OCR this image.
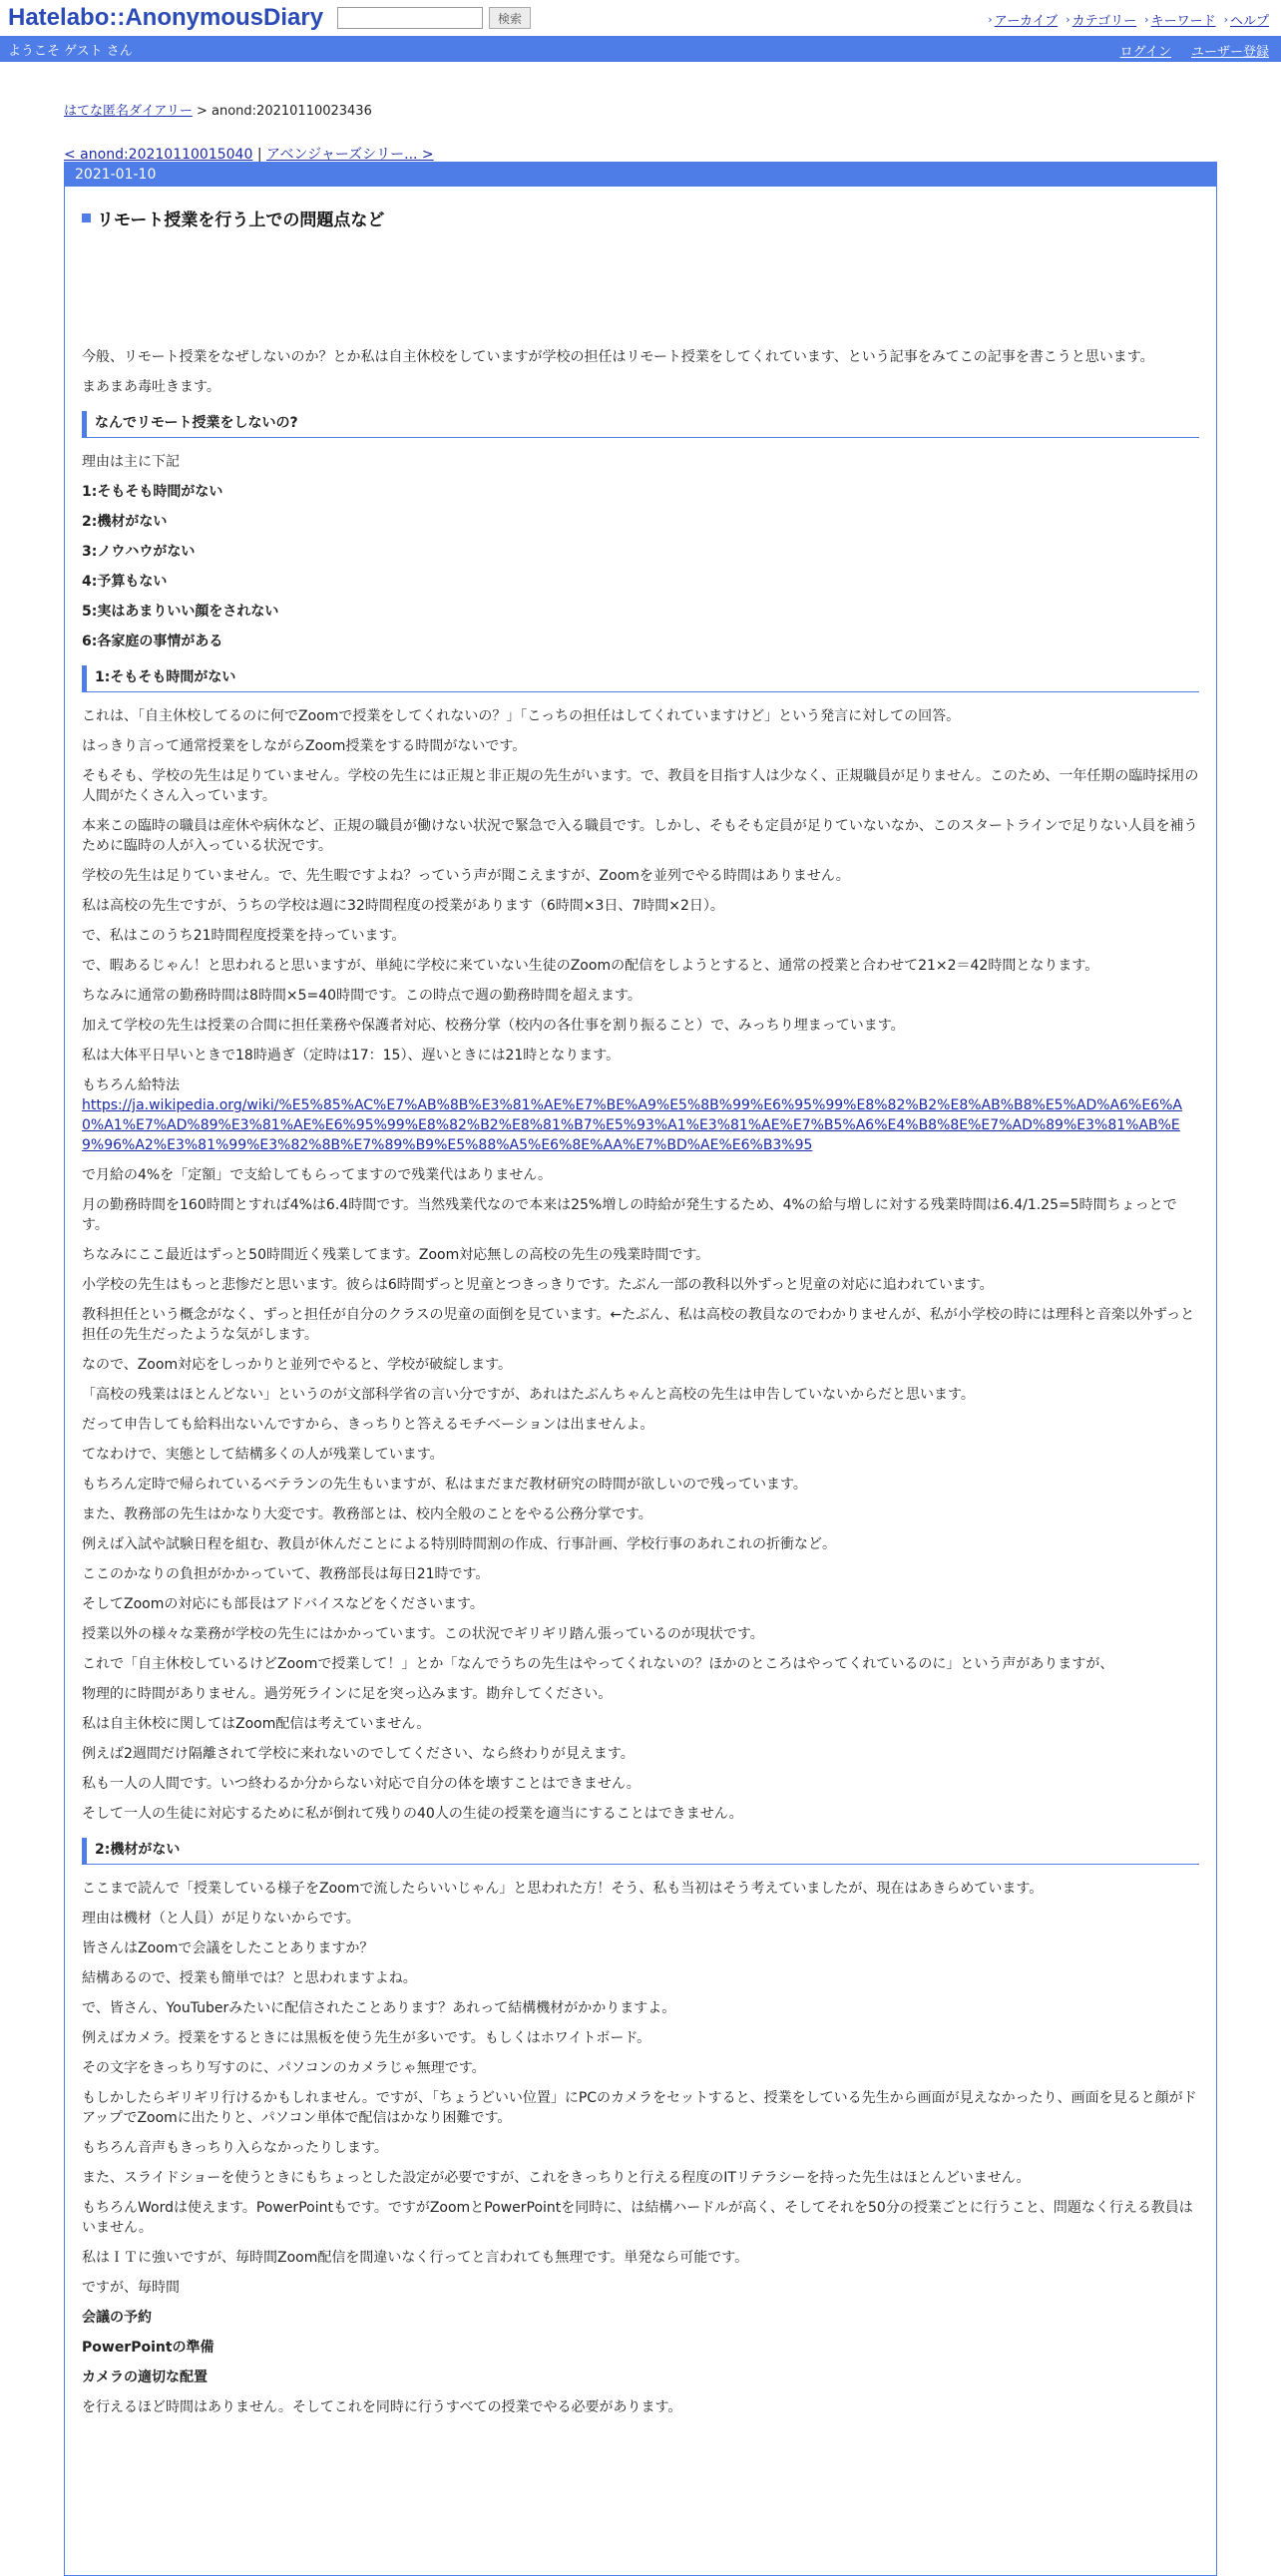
Hatelabo::AnonymousDiary	検索	› アーカイブ › カテゴリー › キーワード › ヘルプ
ようこそ ゲスト さん	ログイン ユーザー登録
はてな匿名ダイアリー > anond:20210110023436
< anond:20210110015040 | アベンジャーズシリー... >
2021-01-10
リモート授業を行う上での問題点など

今般、リモート授業をなぜしないのか？とか私は自主休校をしていますが学校の担任はリモート授業をしてくれています、という記事をみてこの記事を書こうと思います。

まあまあ毒吐きます。

なんでリモート授業をしないの?

理由は主に下記

1:そもそも時間がない

2:機材がない

3:ノウハウがない

4:予算もない

5:実はあまりいい顔をされない

6:各家庭の事情がある

1:そもそも時間がない

これは、「自主休校してるのに何でZoomで授業をしてくれないの？」「こっちの担任はしてくれていますけど」という発言に対しての回答。

はっきり言って通常授業をしながらZoom授業をする時間がないです。

そもそも、学校の先生は足りていません。学校の先生には正規と非正規の先生がいます。で、教員を目指す人は少なく、正規職員が足りません。このため、一年任期の臨時採用の人間がたくさん入っています。

本来この臨時の職員は産休や病休など、正規の職員が働けない状況で緊急で入る職員です。しかし、そもそも定員が足りていないなか、このスタートラインで足りない人員を補うために臨時の人が入っている状況です。

学校の先生は足りていません。で、先生暇ですよね？っていう声が聞こえますが、Zoomを並列でやる時間はありません。

私は高校の先生ですが、うちの学校は週に32時間程度の授業があります（6時間×3日、7時間×2日）。

で、私はこのうち21時間程度授業を持っています。

で、暇あるじゃん！と思われると思いますが、単純に学校に来ていない生徒のZoomの配信をしようとすると、通常の授業と合わせて21×2＝42時間となります。

ちなみに通常の勤務時間は8時間×5=40時間です。この時点で週の勤務時間を超えます。

加えて学校の先生は授業の合間に担任業務や保護者対応、校務分掌（校内の各仕事を割り振ること）で、みっちり埋まっています。

私は大体平日早いときで18時過ぎ（定時は17：15）、遅いときには21時となります。

もちろん給特法

https://ja.wikipedia.org/wiki/%E5%85%AC%E7%AB%8B%E3%81%AE%E7%BE%A9%E5%8B%99%E6%95%99%E8%82%B2%E8%AB%B8%E5%AD%A6%E6%A0%A1%E7%AD%89%E3%81%AE%E6%95%99%E8%82%B2%E8%81%B7%E5%93%A1%E3%81%AE%E7%B5%A6%E4%B8%8E%E7%AD%89%E3%81%AB%E9%96%A2%E3%81%99%E3%82%8B%E7%89%B9%E5%88%A5%E6%8E%AA%E7%BD%AE%E6%B3%95

で月給の4%を「定額」で支給してもらってますので残業代はありません。

月の勤務時間を160時間とすれば4%は6.4時間です。当然残業代なので本来は25%増しの時給が発生するため、4%の給与増しに対する残業時間は6.4/1.25=5時間ちょっとです。

ちなみにここ最近はずっと50時間近く残業してます。Zoom対応無しの高校の先生の残業時間です。

小学校の先生はもっと悲惨だと思います。彼らは6時間ずっと児童とつきっきりです。たぶん一部の教科以外ずっと児童の対応に追われています。

教科担任という概念がなく、ずっと担任が自分のクラスの児童の面倒を見ています。←たぶん、私は高校の教員なのでわかりませんが、私が小学校の時には理科と音楽以外ずっと担任の先生だったような気がします。

なので、Zoom対応をしっかりと並列でやると、学校が破綻します。

「高校の残業はほとんどない」というのが文部科学省の言い分ですが、あれはたぶんちゃんと高校の先生は申告していないからだと思います。

だって申告しても給料出ないんですから、きっちりと答えるモチベーションは出ませんよ。

てなわけで、実態として結構多くの人が残業しています。

もちろん定時で帰られているベテランの先生もいますが、私はまだまだ教材研究の時間が欲しいので残っています。

また、教務部の先生はかなり大変です。教務部とは、校内全般のことをやる公務分掌です。

例えば入試や試験日程を組む、教員が休んだことによる特別時間割の作成、行事計画、学校行事のあれこれの折衝など。

ここのかなりの負担がかかっていて、教務部長は毎日21時です。

そしてZoomの対応にも部長はアドバイスなどをくださいます。

授業以外の様々な業務が学校の先生にはかかっています。この状況でギリギリ踏ん張っているのが現状です。

これで「自主休校しているけどZoomで授業して！」とか「なんでうちの先生はやってくれないの？ほかのところはやってくれているのに」という声がありますが、

物理的に時間がありません。過労死ラインに足を突っ込みます。勘弁してください。

私は自主休校に関してはZoom配信は考えていません。

例えば2週間だけ隔離されて学校に来れないのでしてください、なら終わりが見えます。

私も一人の人間です。いつ終わるか分からない対応で自分の体を壊すことはできません。

そして一人の生徒に対応するために私が倒れて残りの40人の生徒の授業を適当にすることはできません。

2:機材がない

ここまで読んで「授業している様子をZoomで流したらいいじゃん」と思われた方！そう、私も当初はそう考えていましたが、現在はあきらめています。

理由は機材（と人員）が足りないからです。

皆さんはZoomで会議をしたことありますか？

結構あるので、授業も簡単では？と思われますよね。

で、皆さん、YouTuberみたいに配信されたことあります？あれって結構機材がかかりますよ。

例えばカメラ。授業をするときには黒板を使う先生が多いです。もしくはホワイトボード。

その文字をきっちり写すのに、パソコンのカメラじゃ無理です。

もしかしたらギリギリ行けるかもしれません。ですが、「ちょうどいい位置」にPCのカメラをセットすると、授業をしている先生から画面が見えなかったり、画面を見ると顔がドアップでZoomに出たりと、パソコン単体で配信はかなり困難です。

もちろん音声もきっちり入らなかったりします。

また、スライドショーを使うときにもちょっとした設定が必要ですが、これをきっちりと行える程度のITリテラシーを持った先生はほとんどいません。

もちろんWordは使えます。PowerPointもです。ですがZoomとPowerPointを同時に、は結構ハードルが高く、そしてそれを50分の授業ごとに行うこと、問題なく行える教員はいません。

私はＩＴに強いですが、毎時間Zoom配信を間違いなく行ってと言われても無理です。単発なら可能です。

ですが、毎時間

会議の予約

PowerPointの準備

カメラの適切な配置

を行えるほど時間はありません。そしてこれを同時に行うすべての授業でやる必要があります。
